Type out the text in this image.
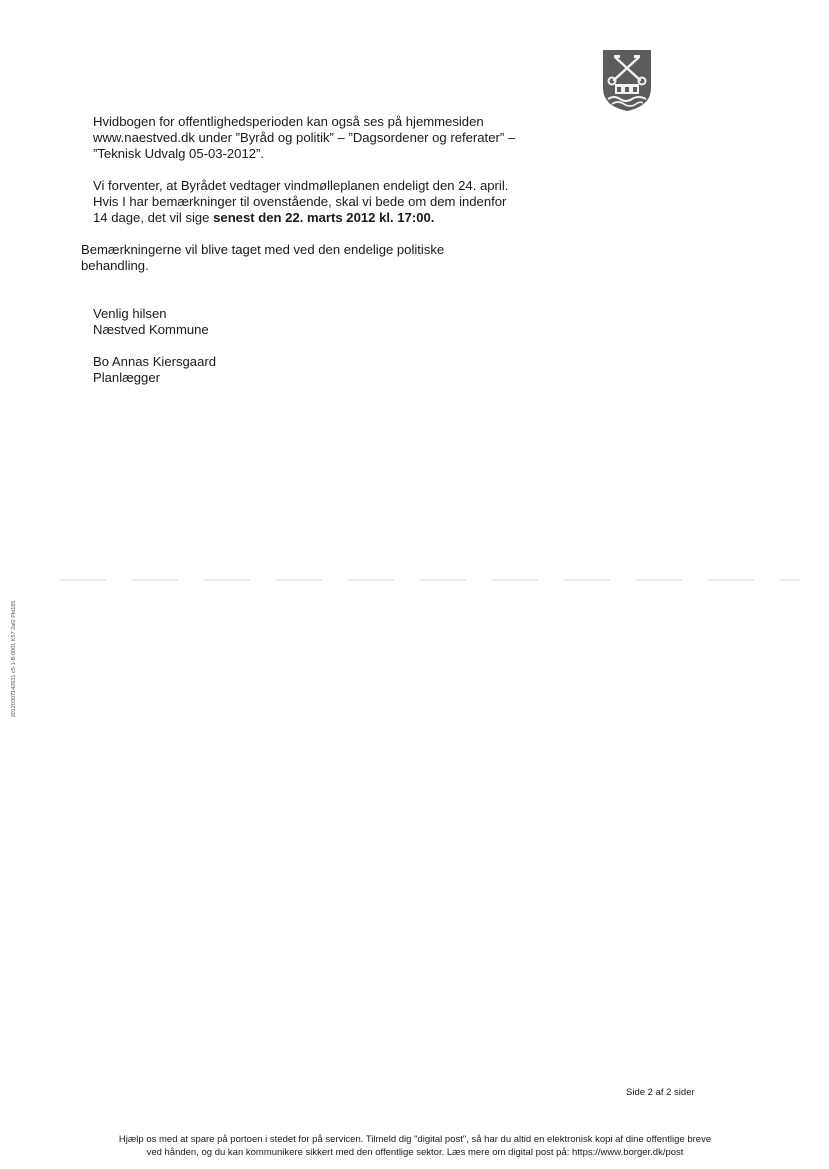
Hvidbogen for offentlighedsperioden kan også ses på hjemmesiden

www.naestved.dk under ”Byråd og politik” – ”Dagsordener og referater” –

”Teknisk Udvalg 05-03-2012”.

Vi forventer, at Byrådet vedtager vindmølleplanen endeligt den 24. april.

Hvis I har bemærkninger til ovenstående, skal vi bede om dem indenfor

14 dage, det vil sige senest den 22. marts 2012 kl. 17:00.

Bemærkningerne vil blive taget med ved den endelige politiske

behandling.

Venlig hilsen
Næstved Kommune
Bo Annas Kiersgaard
Planlægger
20120307142631 c5-1-B-0001 K57 2af2 Pkt185
Side 2 af 2 sider

Hjælp os med at spare på portoen i stedet for på servicen. Tilmeld dig "digital post", så har du altid en elektronisk kopi af dine offentlige breve

ved hånden, og du kan kommunikere sikkert med den offentlige sektor. Læs mere om digital post på: https://www.borger.dk/post
